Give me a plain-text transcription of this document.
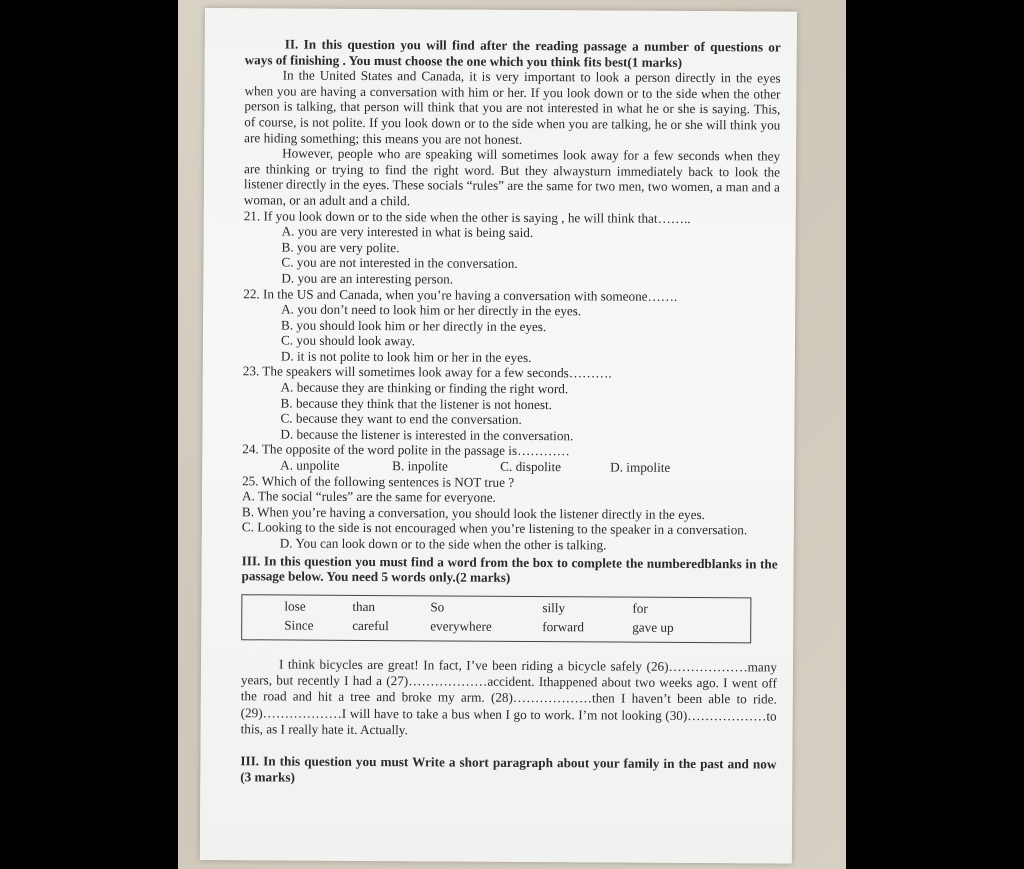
II. In this question you will find after the reading passage a number of questions or ways of finishing . You must choose the one which you think fits best(1 marks)

In the United States and Canada, it is very important to look a person directly in the eyes when you are having a conversation with him or her. If you look down or to the side when the other person is talking, that person will think that you are not interested in what he or she is saying. This, of course, is not polite. If you look down or to the side when you are talking, he or she will think you are hiding something; this means you are not honest.

However, people who are speaking will sometimes look away for a few seconds when they are thinking or trying to find the right word. But they alwaysturn immediately back to look the listener directly in the eyes. These socials “rules” are the same for two men, two women, a man and a woman, or an adult and a child.

21. If you look down or to the side when the other is saying , he will think that……..

A. you are very interested in what is being said.

B. you are very polite.

C. you are not interested in the conversation.

D. you are an interesting person.

22. In the US and Canada, when you’re having a conversation with someone…….

A. you don’t need to look him or her directly in the eyes.

B. you should look him or her directly in the eyes.

C. you should look away.

D. it is not polite to look him or her in the eyes.

23. The speakers will sometimes look away for a few seconds……….

A. because they are thinking or finding the right word.

B. because they think that the listener is not honest.

C. because they want to end the conversation.

D. because the listener is interested in the conversation.

24. The opposite of the word polite in the passage is…………

A. unpolite	B. inpolite	C. dispolite	D. impolite

25. Which of the following sentences is NOT true ?

A. The social “rules” are the same for everyone.

B. When you’re having a conversation, you should look the listener directly in the eyes.

C. Looking to the side is not encouraged when you’re listening to the speaker in a conversation.

D. You can look down or to the side when the other is talking.

III. In this question you must find a word from the box to complete the numberedblanks in the passage below. You need 5 words only.(2 marks)

lose	than	So	silly	for
Since	careful	everywhere	forward	gave up

I think bicycles are great! In fact, I’ve been riding a bicycle safely (26)………………many years, but recently I had a (27)………………accident. Ithappened about two weeks ago. I went off the road and hit a tree and broke my arm. (28)………………then I haven’t been able to ride. (29)………………I will have to take a bus when I go to work. I’m not looking (30)………………to this, as I really hate it. Actually.

III. In this question you must Write a short paragraph about your family in the past and now (3 marks)
